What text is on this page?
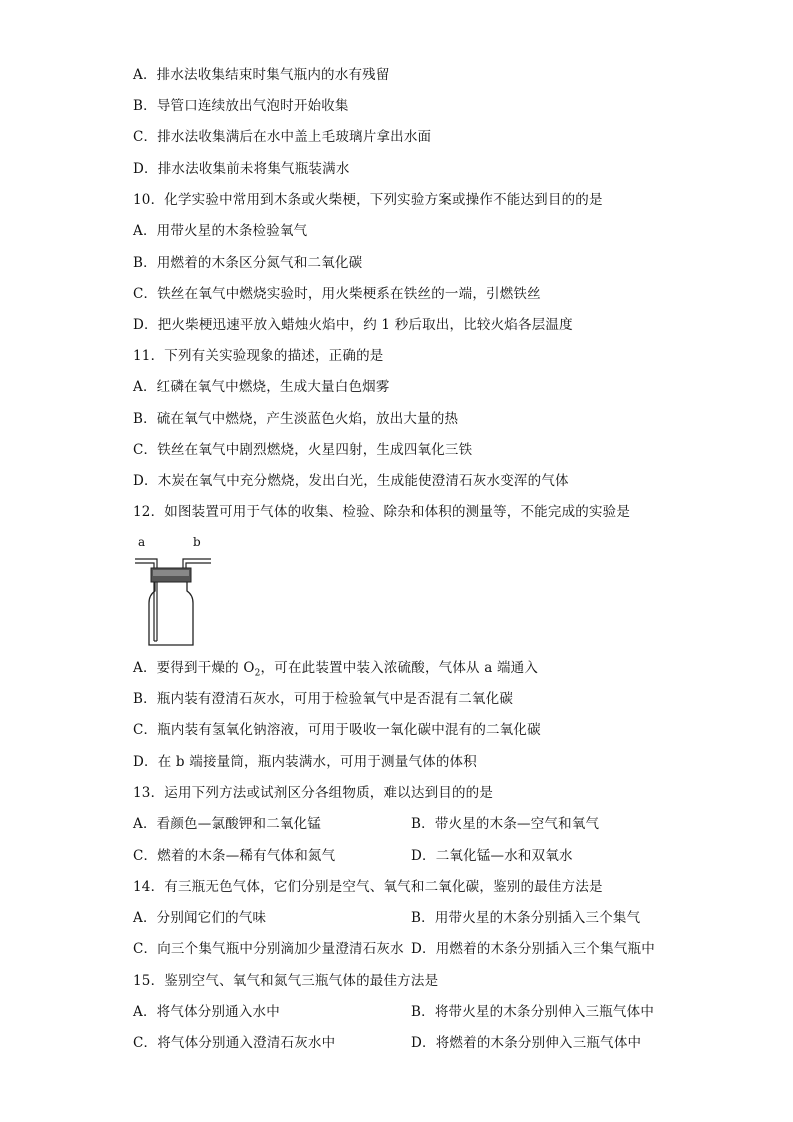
A．排水法收集结束时集气瓶内的水有残留
B．导管口连续放出气泡时开始收集
C．排水法收集满后在水中盖上毛玻璃片拿出水面
D．排水法收集前未将集气瓶装满水
10．化学实验中常用到木条或火柴梗，下列实验方案或操作不能达到目的的是
A．用带火星的木条检验氧气
B．用燃着的木条区分氮气和二氧化碳
C．铁丝在氧气中燃烧实验时，用火柴梗系在铁丝的一端，引燃铁丝
D．把火柴梗迅速平放入蜡烛火焰中，约 1 秒后取出，比较火焰各层温度
11．下列有关实验现象的描述，正确的是
A．红磷在氧气中燃烧，生成大量白色烟雾
B．硫在氧气中燃烧，产生淡蓝色火焰，放出大量的热
C．铁丝在氧气中剧烈燃烧，火星四射，生成四氧化三铁
D．木炭在氧气中充分燃烧，发出白光，生成能使澄清石灰水变浑的气体
12．如图装置可用于气体的收集、检验、除杂和体积的测量等，不能完成的实验是
a	b
A．要得到干燥的 $O_2$，可在此装置中装入浓硫酸，气体从 a 端通入
B．瓶内装有澄清石灰水，可用于检验氧气中是否混有二氧化碳
C．瓶内装有氢氧化钠溶液，可用于吸收一氧化碳中混有的二氧化碳
D．在 b 端接量筒，瓶内装满水，可用于测量气体的体积
13．运用下列方法或试剂区分各组物质，难以达到目的的是
A．看颜色—氯酸钾和二氧化锰	B．带火星的木条—空气和氧气
C．燃着的木条—稀有气体和氮气	D．二氧化锰—水和双氧水
14．有三瓶无色气体，它们分别是空气、氧气和二氧化碳，鉴别的最佳方法是
A．分别闻它们的气味	B．用带火星的木条分别插入三个集气
C．向三个集气瓶中分别滴加少量澄清石灰水 D．用燃着的木条分别插入三个集气瓶中
15．鉴别空气、氧气和氮气三瓶气体的最佳方法是
A．将气体分别通入水中	B．将带火星的木条分别伸入三瓶气体中
C．将气体分别通入澄清石灰水中	D．将燃着的木条分别伸入三瓶气体中
